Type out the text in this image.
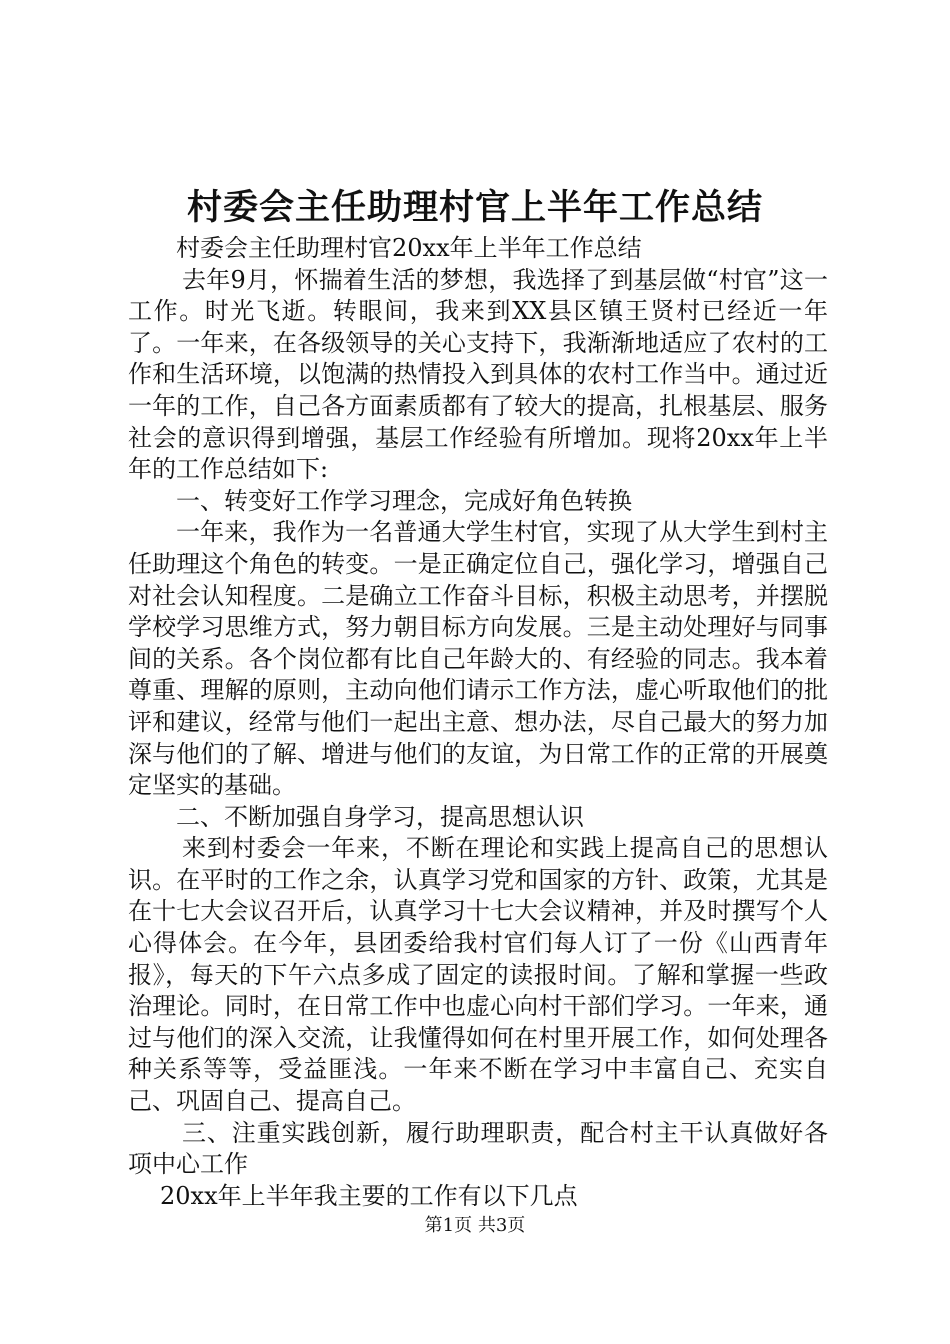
村委会主任助理村官上半年工作总结

村委会主任助理村官20xx年上半年工作总结

去年9月，怀揣着生活的梦想，我选择了到基层做“村官”这一工作。时光飞逝。转眼间，我来到XX县区镇王贤村已经近一年了。一年来，在各级领导的关心支持下，我渐渐地适应了农村的工作和生活环境，以饱满的热情投入到具体的农村工作当中。通过近一年的工作，自己各方面素质都有了较大的提高，扎根基层、服务社会的意识得到增强，基层工作经验有所增加。现将20xx年上半年的工作总结如下:

一、转变好工作学习理念，完成好角色转换

一年来，我作为一名普通大学生村官，实现了从大学生到村主任助理这个角色的转变。一是正确定位自己，强化学习，增强自己对社会认知程度。二是确立工作奋斗目标，积极主动思考，并摆脱学校学习思维方式，努力朝目标方向发展。三是主动处理好与同事间的关系。各个岗位都有比自己年龄大的、有经验的同志。我本着尊重、理解的原则，主动向他们请示工作方法，虚心听取他们的批评和建议，经常与他们一起出主意、想办法，尽自己最大的努力加深与他们的了解、增进与他们的友谊，为日常工作的正常的开展奠定坚实的基础。

二、不断加强自身学习，提高思想认识

来到村委会一年来，不断在理论和实践上提高自己的思想认识。在平时的工作之余，认真学习党和国家的方针、政策，尤其是在十七大会议召开后，认真学习十七大会议精神，并及时撰写个人心得体会。在今年，县团委给我村官们每人订了一份《山西青年报》，每天的下午六点多成了固定的读报时间。了解和掌握一些政治理论。同时，在日常工作中也虚心向村干部们学习。一年来，通过与他们的深入交流，让我懂得如何在村里开展工作，如何处理各种关系等等，受益匪浅。一年来不断在学习中丰富自己、充实自己、巩固自己、提高自己。

三、注重实践创新，履行助理职责，配合村主干认真做好各项中心工作

20xx年上半年我主要的工作有以下几点

第1页 共3页
